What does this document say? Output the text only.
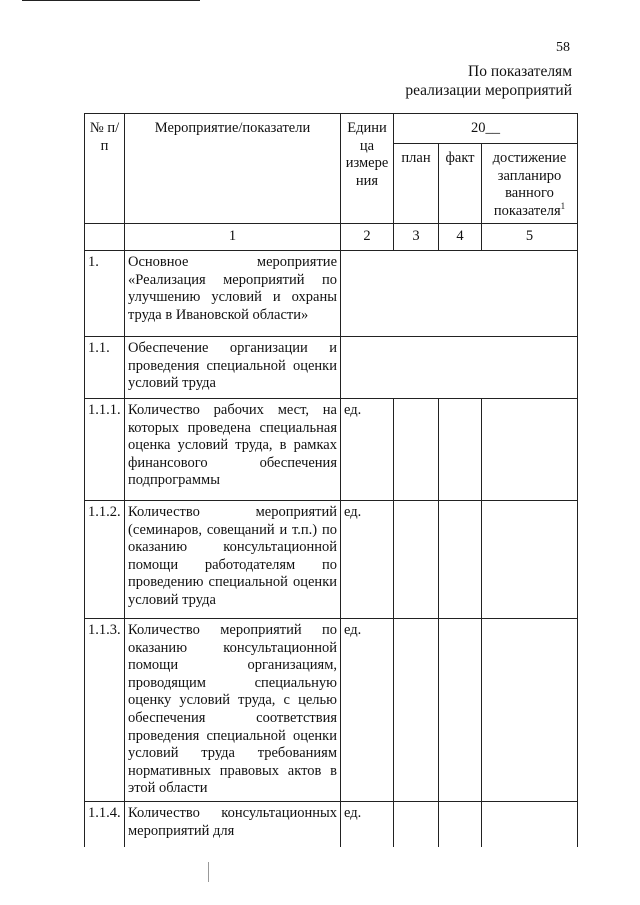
58
По показателям
реализации мероприятий
№ п/п	Мероприятие/показатели	Едини ца измере ния	20__		
			план	факт	достижение запланиро ванного показателя$^1$
	1	2	3	4	5
1.	Основное мероприятие «Реализация мероприятий по улучшению условий и охраны труда в Ивановской области»				
1.1.	Обеспечение организации и проведения специальной оценки условий труда				
1.1.1.	Количество рабочих мест, на которых проведена специальная оценка условий труда, в рамках финансового обеспечения подпрограммы	ед.			
1.1.2.	Количество мероприятий (семинаров, совещаний и т.п.) по оказанию консультационной помощи работодателям по проведению специальной оценки условий труда	ед.			
1.1.3.	Количество мероприятий по оказанию консультационной помощи организациям, проводящим специальную оценку условий труда, с целью обеспечения соответствия проведения специальной оценки условий труда требованиям нормативных правовых актов в этой области	ед.			
1.1.4.	Количество консультационных мероприятий для	ед.			
